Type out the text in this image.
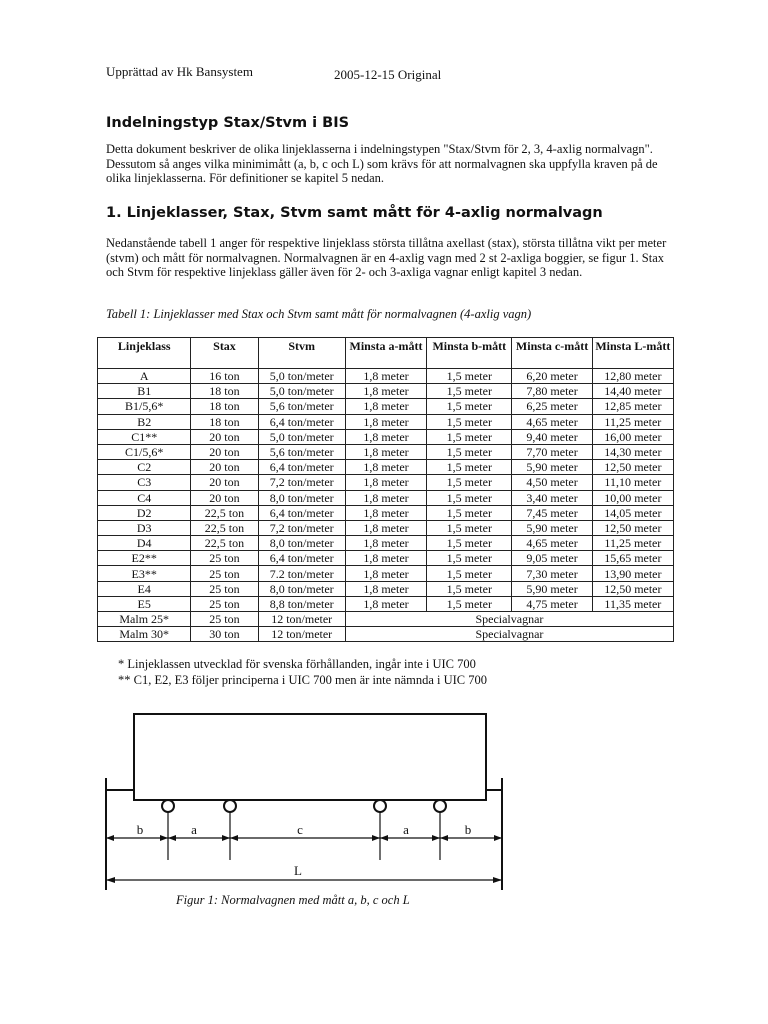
Upprättad av Hk Bansystem	2005-12-15 Original
Indelningstyp Stax/Stvm i BIS

Detta dokument beskriver de olika linjeklasserna i indelningstypen "Stax/Stvm för 2, 3, 4-axlig normalvagn". Dessutom så anges vilka minimimått (a, b, c och L) som krävs för att normalvagnen ska uppfylla kraven på de olika linjeklasserna. För definitioner se kapitel 5 nedan.

1. Linjeklasser, Stax, Stvm samt mått för 4-axlig normalvagn

Nedanstående tabell 1 anger för respektive linjeklass största tillåtna axellast (stax), största tillåtna vikt per meter (stvm) och mått för normalvagnen. Normalvagnen är en 4-axlig vagn med 2 st 2-axliga boggier, se figur 1. Stax och Stvm för respektive linjeklass gäller även för 2- och 3-axliga vagnar enligt kapitel 3 nedan.

Tabell 1: Linjeklasser med Stax och Stvm samt mått för normalvagnen (4-axlig vagn)
Linjeklass	Stax	Stvm	Minsta a-mått	Minsta b-mått	Minsta c-mått	Minsta L-mått
A	16 ton	5,0 ton/meter	1,8 meter	1,5 meter	6,20 meter	12,80 meter
B1	18 ton	5,0 ton/meter	1,8 meter	1,5 meter	7,80 meter	14,40 meter
B1/5,6*	18 ton	5,6 ton/meter	1,8 meter	1,5 meter	6,25 meter	12,85 meter
B2	18 ton	6,4 ton/meter	1,8 meter	1,5 meter	4,65 meter	11,25 meter
C1**	20 ton	5,0 ton/meter	1,8 meter	1,5 meter	9,40 meter	16,00 meter
C1/5,6*	20 ton	5,6 ton/meter	1,8 meter	1,5 meter	7,70 meter	14,30 meter
C2	20 ton	6,4 ton/meter	1,8 meter	1,5 meter	5,90 meter	12,50 meter
C3	20 ton	7,2 ton/meter	1,8 meter	1,5 meter	4,50 meter	11,10 meter
C4	20 ton	8,0 ton/meter	1,8 meter	1,5 meter	3,40 meter	10,00 meter
D2	22,5 ton	6,4 ton/meter	1,8 meter	1,5 meter	7,45 meter	14,05 meter
D3	22,5 ton	7,2 ton/meter	1,8 meter	1,5 meter	5,90 meter	12,50 meter
D4	22,5 ton	8,0 ton/meter	1,8 meter	1,5 meter	4,65 meter	11,25 meter
E2**	25 ton	6,4 ton/meter	1,8 meter	1,5 meter	9,05 meter	15,65 meter
E3**	25 ton	7.2 ton/meter	1,8 meter	1,5 meter	7,30 meter	13,90 meter
E4	25 ton	8,0 ton/meter	1,8 meter	1,5 meter	5,90 meter	12,50 meter
E5	25 ton	8,8 ton/meter	1,8 meter	1,5 meter	4,75 meter	11,35 meter
Malm 25*	25 ton	12 ton/meter	Specialvagnar			
Malm 30*	30 ton	12 ton/meter	Specialvagnar			
* Linjeklassen utvecklad för svenska förhållanden, ingår inte i UIC 700
** C1, E2, E3 följer principerna i UIC 700 men är inte nämnda i UIC 700
b	a	c	a	b
L
Figur 1: Normalvagnen med mått a, b, c och L
